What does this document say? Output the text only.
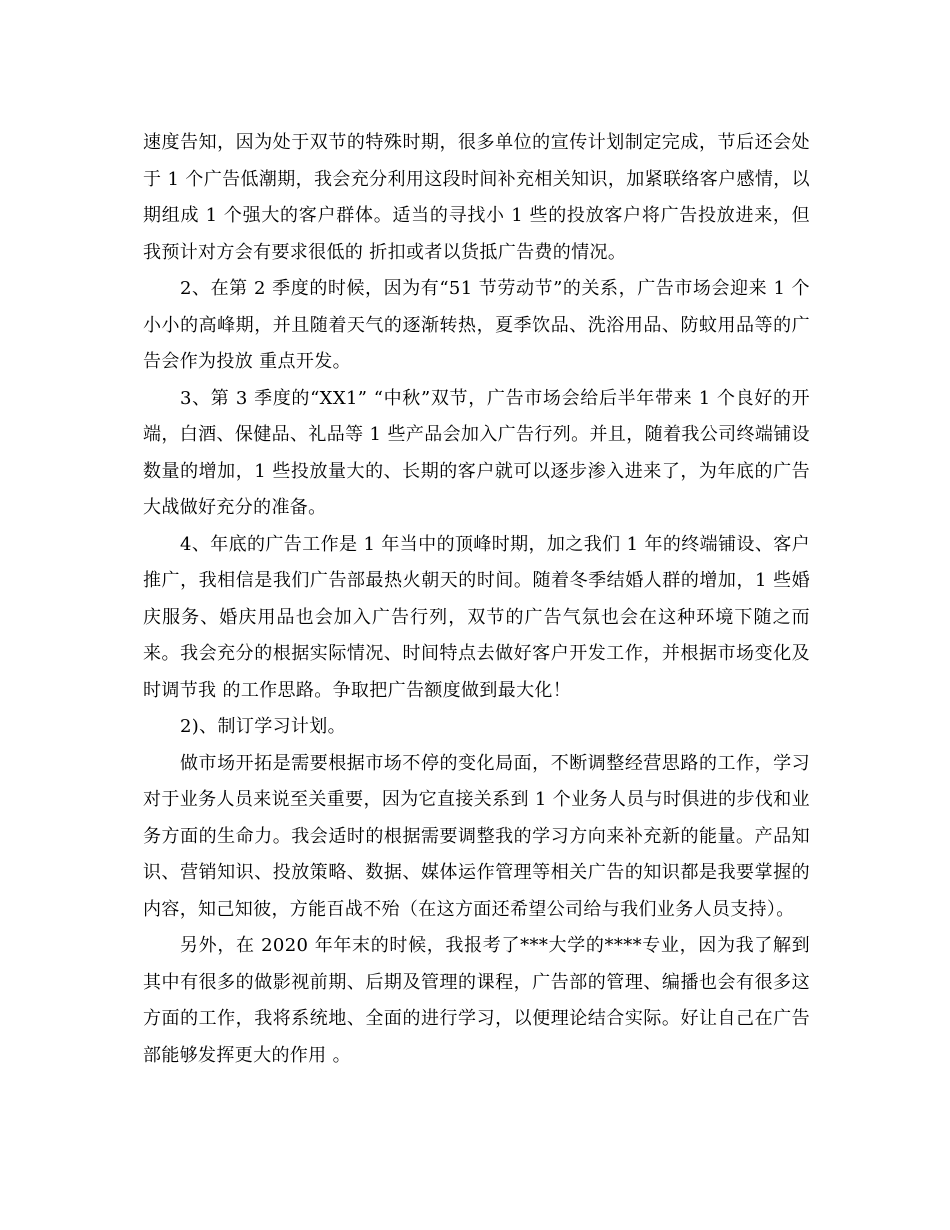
速度告知，因为处于双节的特殊时期，很多单位的宣传计划制定完成，节后还会处于 1 个广告低潮期，我会充分利用这段时间补充相关知识，加紧联络客户感情，以期组成 1 个强大的客户群体。适当的寻找小 1 些的投放客户将广告投放进来，但我预计对方会有要求很低的 折扣或者以货抵广告费的情况。

2、在第 2 季度的时候，因为有“51 节劳动节”的关系，广告市场会迎来 1 个小小的高峰期，并且随着天气的逐渐转热，夏季饮品、洗浴用品、防蚊用品等的广告会作为投放 重点开发。

3、第 3 季度的“XX1” “中秋”双节，广告市场会给后半年带来 1 个良好的开端，白酒、保健品、礼品等 1 些产品会加入广告行列。并且，随着我公司终端铺设数量的增加，1 些投放量大的、长期的客户就可以逐步渗入进来了，为年底的广告大战做好充分的准备。

4、年底的广告工作是 1 年当中的顶峰时期，加之我们 1 年的终端铺设、客户推广，我相信是我们广告部最热火朝天的时间。随着冬季结婚人群的增加，1 些婚庆服务、婚庆用品也会加入广告行列，双节的广告气氛也会在这种环境下随之而来。我会充分的根据实际情况、时间特点去做好客户开发工作，并根据市场变化及时调节我 的工作思路。争取把广告额度做到最大化！

2)、制订学习计划。

做市场开拓是需要根据市场不停的变化局面，不断调整经营思路的工作，学习对于业务人员来说至关重要，因为它直接关系到 1 个业务人员与时俱进的步伐和业务方面的生命力。我会适时的根据需要调整我的学习方向来补充新的能量。产品知识、营销知识、投放策略、数据、媒体运作管理等相关广告的知识都是我要掌握的内容，知己知彼，方能百战不殆（在这方面还希望公司给与我们业务人员支持）。

另外，在 2020 年年末的时候，我报考了***大学的****专业，因为我了解到其中有很多的做影视前期、后期及管理的课程，广告部的管理、编播也会有很多这方面的工作，我将系统地、全面的进行学习，以便理论结合实际。好让自己在广告部能够发挥更大的作用 。
